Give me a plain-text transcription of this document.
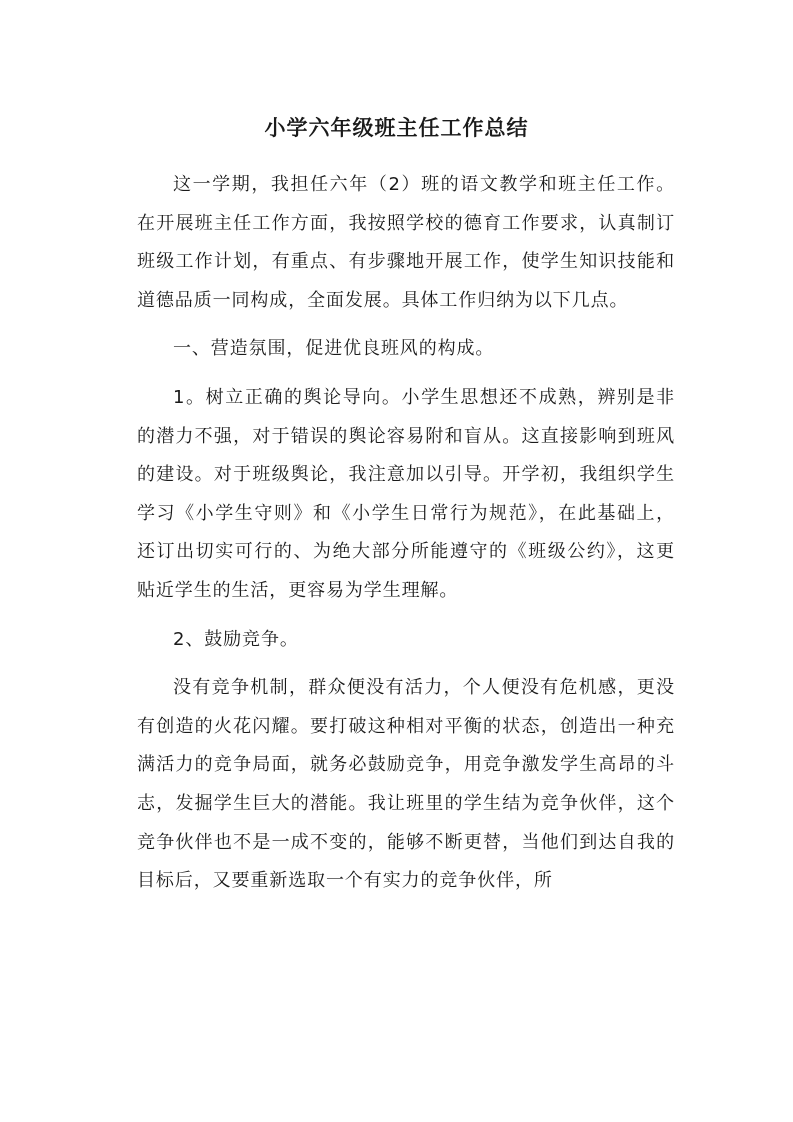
小学六年级班主任工作总结

这一学期，我担任六年（2）班的语文教学和班主任工作。在开展班主任工作方面，我按照学校的德育工作要求，认真制订班级工作计划，有重点、有步骤地开展工作，使学生知识技能和道德品质一同构成，全面发展。具体工作归纳为以下几点。

一、营造氛围，促进优良班风的构成。

1。树立正确的舆论导向。小学生思想还不成熟，辨别是非的潜力不强，对于错误的舆论容易附和盲从。这直接影响到班风的建设。对于班级舆论，我注意加以引导。开学初，我组织学生学习《小学生守则》和《小学生日常行为规范》，在此基础上，还订出切实可行的、为绝大部分所能遵守的《班级公约》，这更贴近学生的生活，更容易为学生理解。

2、鼓励竞争。

没有竞争机制，群众便没有活力，个人便没有危机感，更没有创造的火花闪耀。要打破这种相对平衡的状态，创造出一种充满活力的竞争局面，就务必鼓励竞争，用竞争激发学生高昂的斗志，发掘学生巨大的潜能。我让班里的学生结为竞争伙伴，这个竞争伙伴也不是一成不变的，能够不断更替，当他们到达自我的目标后，又要重新选取一个有实力的竞争伙伴，所
